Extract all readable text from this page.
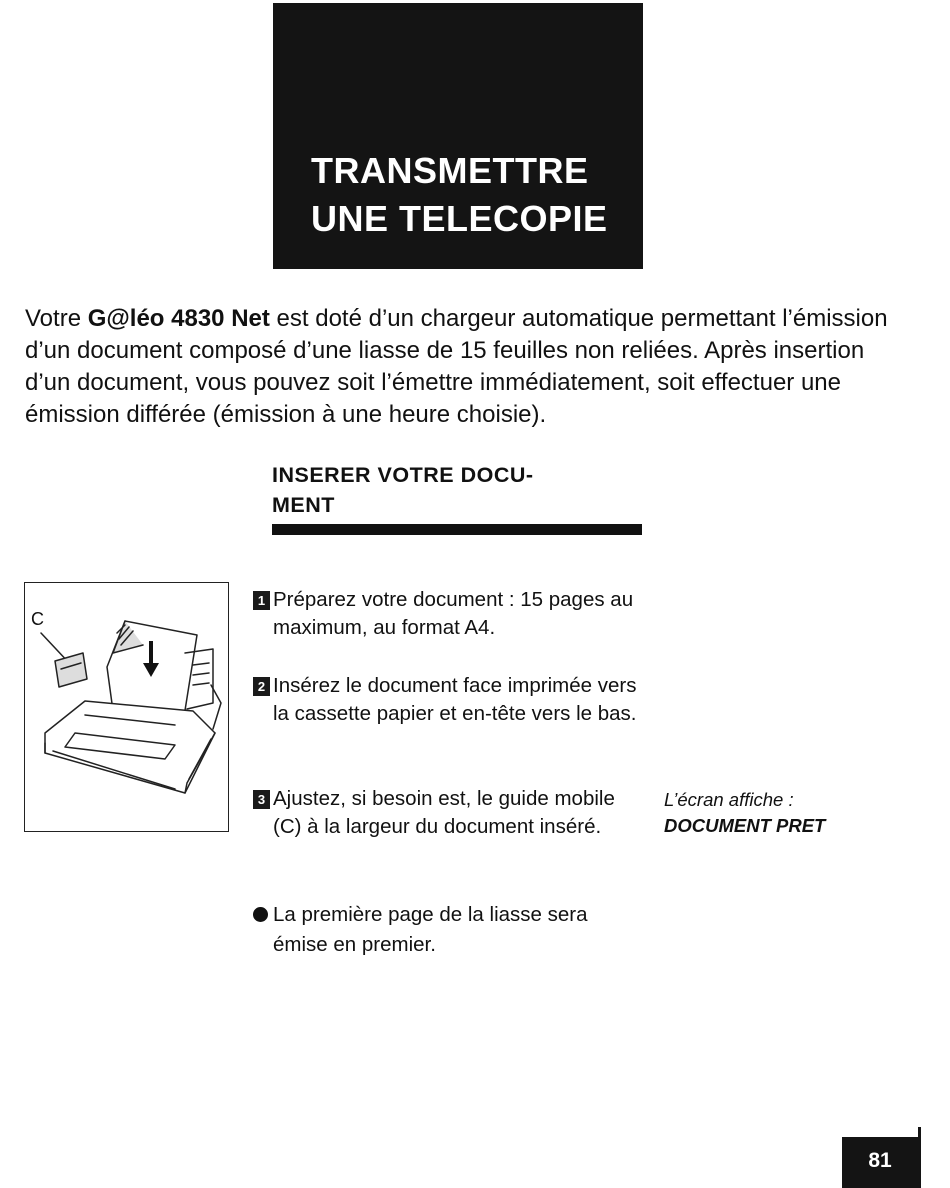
TRANSMETTRE
UNE TELECOPIE

Votre G@léo 4830 Net est doté d’un chargeur automatique permettant l’émission d’un document composé d’une liasse de 15 feuilles non reliées. Après insertion d’un document, vous pouvez soit l’émettre immédiatement, soit effectuer une émission différée (émission à une heure choisie).

INSERER VOTRE DOCU-
MENT
C
1 Préparez votre document : 15 pages au maximum, au format A4.
2 Insérez le document face imprimée vers la cassette papier et en-tête vers le bas.
3 Ajustez, si besoin est, le guide mobile (C) à la largeur du document inséré.
La première page de la liasse sera émise en premier.
L’écran affiche :
DOCUMENT PRET
81
